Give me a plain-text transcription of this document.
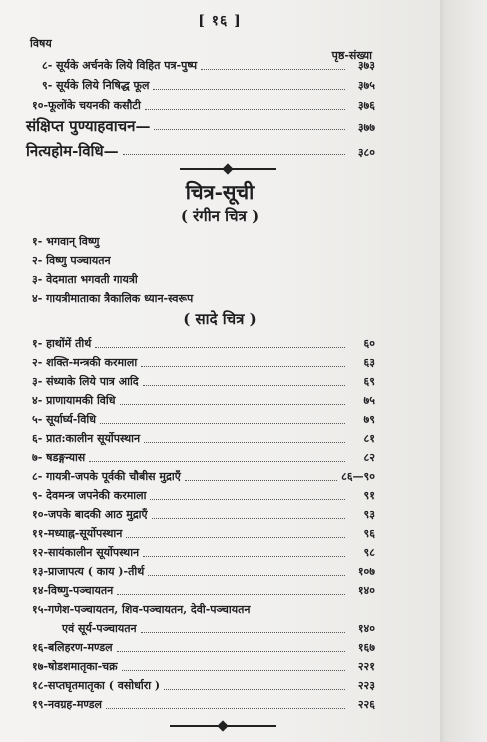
[ १६ ]
विषय
पृष्ठ-संख्या
८- सूर्यके अर्चनके लिये विहित पत्र-पुष्प	३७३
९- सूर्यके लिये निषिद्ध फूल	३७५
१०-फूलोंके चयनकी कसौटी	३७६
संक्षिप्त पुण्याहवाचन—	३७७
नित्यहोम-विधि—	३८०
चित्र-सूची
( रंगीन चित्र )
१- भगवान् विष्णु
२- विष्णु पञ्चायतन
३- वेदमाता भगवती गायत्री
४- गायत्रीमाताका त्रैकालिक ध्यान-स्वरूप
( सादे चित्र )
१- हाथोंमें तीर्थ	६०
२- शक्ति-मन्त्रकी करमाला	६३
३- संध्याके लिये पात्र आदि	६९
४- प्राणायामकी विधि	७५
५- सूर्यार्घ्य-विधि	७९
६- प्रात:कालीन सूर्योपस्थान	८१
७- षडङ्गन्यास	८२
८- गायत्री-जपके पूर्वकी चौबीस मुद्राएँ	८६—९०
९- देवमन्त्र जपनेकी करमाला	९१
१०-जपके बादकी आठ मुद्राएँ	९३
११-मध्याह्न-सूर्योपस्थान	९६
१२-सायंकालीन सूर्योपस्थान	९८
१३-प्राजापत्य ( काय )-तीर्थ	१०७
१४-विष्णु-पञ्चायतन	१४०
१५-गणेश-पञ्चायतन, शिव-पञ्चायतन, देवी-पञ्चायतन
एवं सूर्य-पञ्चायतन	१४०
१६-बलिहरण-मण्डल	१६७
१७-षोडशमातृका-चक्र	२२१
१८-सप्तघृतमातृका ( वसोर्धारा )	२२३
१९-नवग्रह-मण्डल	२२६
